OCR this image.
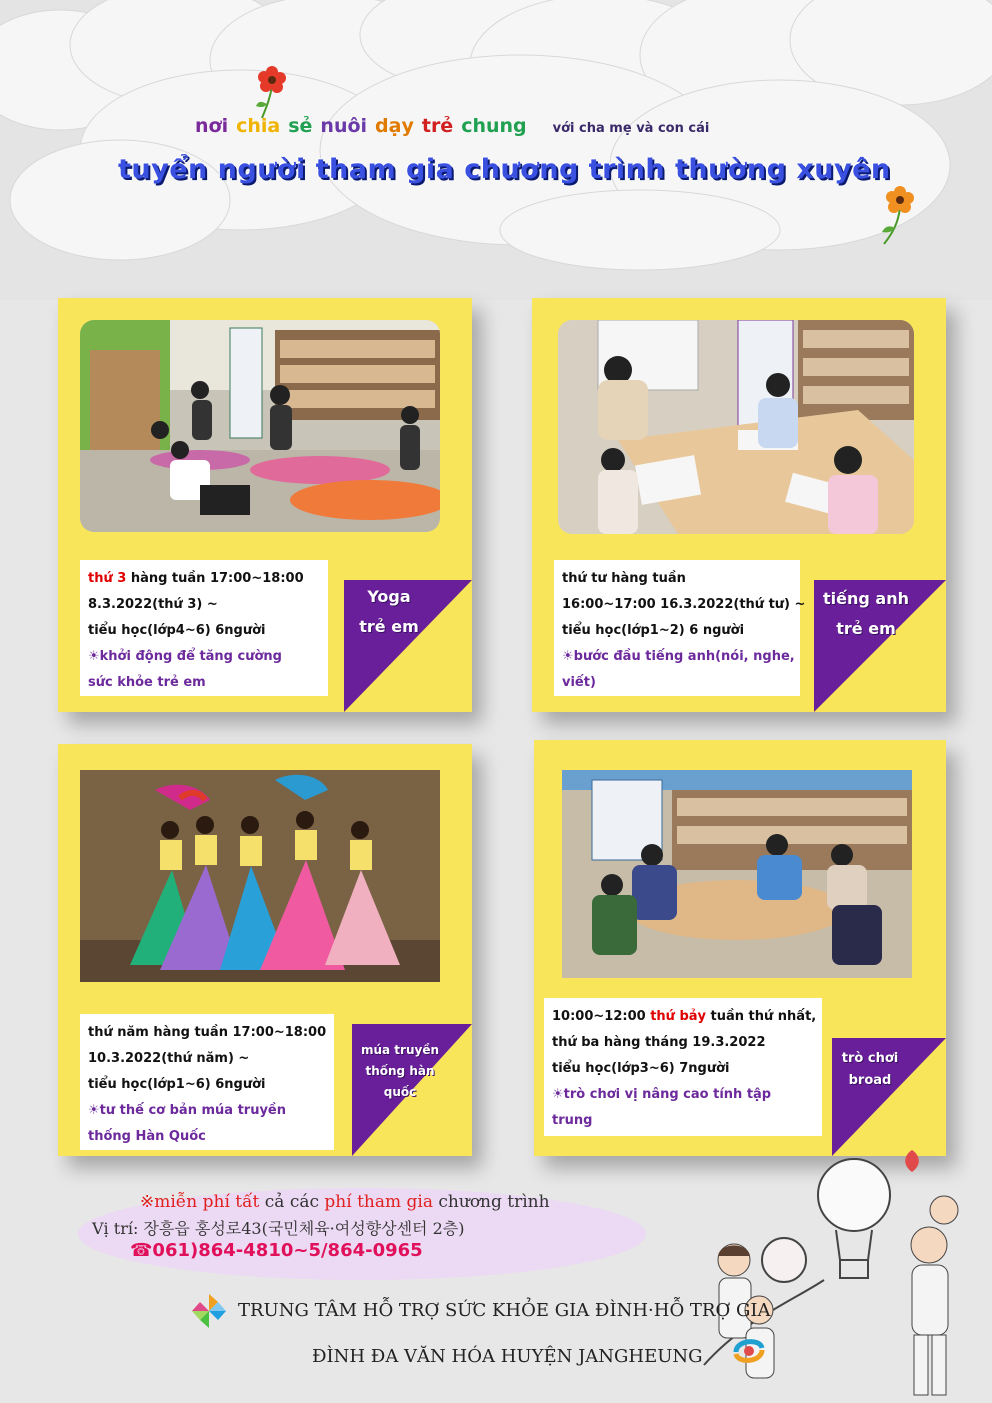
nơi chia sẻ nuôi dạy trẻ chung với cha mẹ và con cái
tuyển người tham gia chương trình thường xuyên
thứ 3 hàng tuần 17:00~18:00
8.3.2022(thứ 3) ~
tiểu học(lớp4~6) 6người
☀khởi động để tăng cường
sức khỏe trẻ em
Yoga
trẻ em
thứ tư hàng tuần
16:00~17:00 16.3.2022(thứ tư) ~
tiểu học(lớp1~2) 6 người
☀bước đầu tiếng anh(nói, nghe,
viết)
tiếng anh
trẻ em
thứ năm hàng tuần 17:00~18:00
10.3.2022(thứ năm) ~
tiểu học(lớp1~6) 6người
☀tư thế cơ bản múa truyền
thống Hàn Quốc
múa truyền
thống hàn
quốc
10:00~12:00 thứ bảy tuần thứ nhất,
thứ ba hàng tháng 19.3.2022
tiểu học(lớp3~6) 7người
☀trò chơi vị nâng cao tính tập
trung
trò chơi
broad
※miễn phí tất cả các phí tham gia chương trình
Vị trí: 장흥읍 홍성로43(국민체육·여성향상센터 2층)
☎061)864-4810~5/864-0965
TRUNG TÂM HỖ TRỢ SỨC KHỎE GIA ĐÌNH·HỖ TRỢ GIA
ĐÌNH ĐA VĂN HÓA HUYỆN JANGHEUNG
